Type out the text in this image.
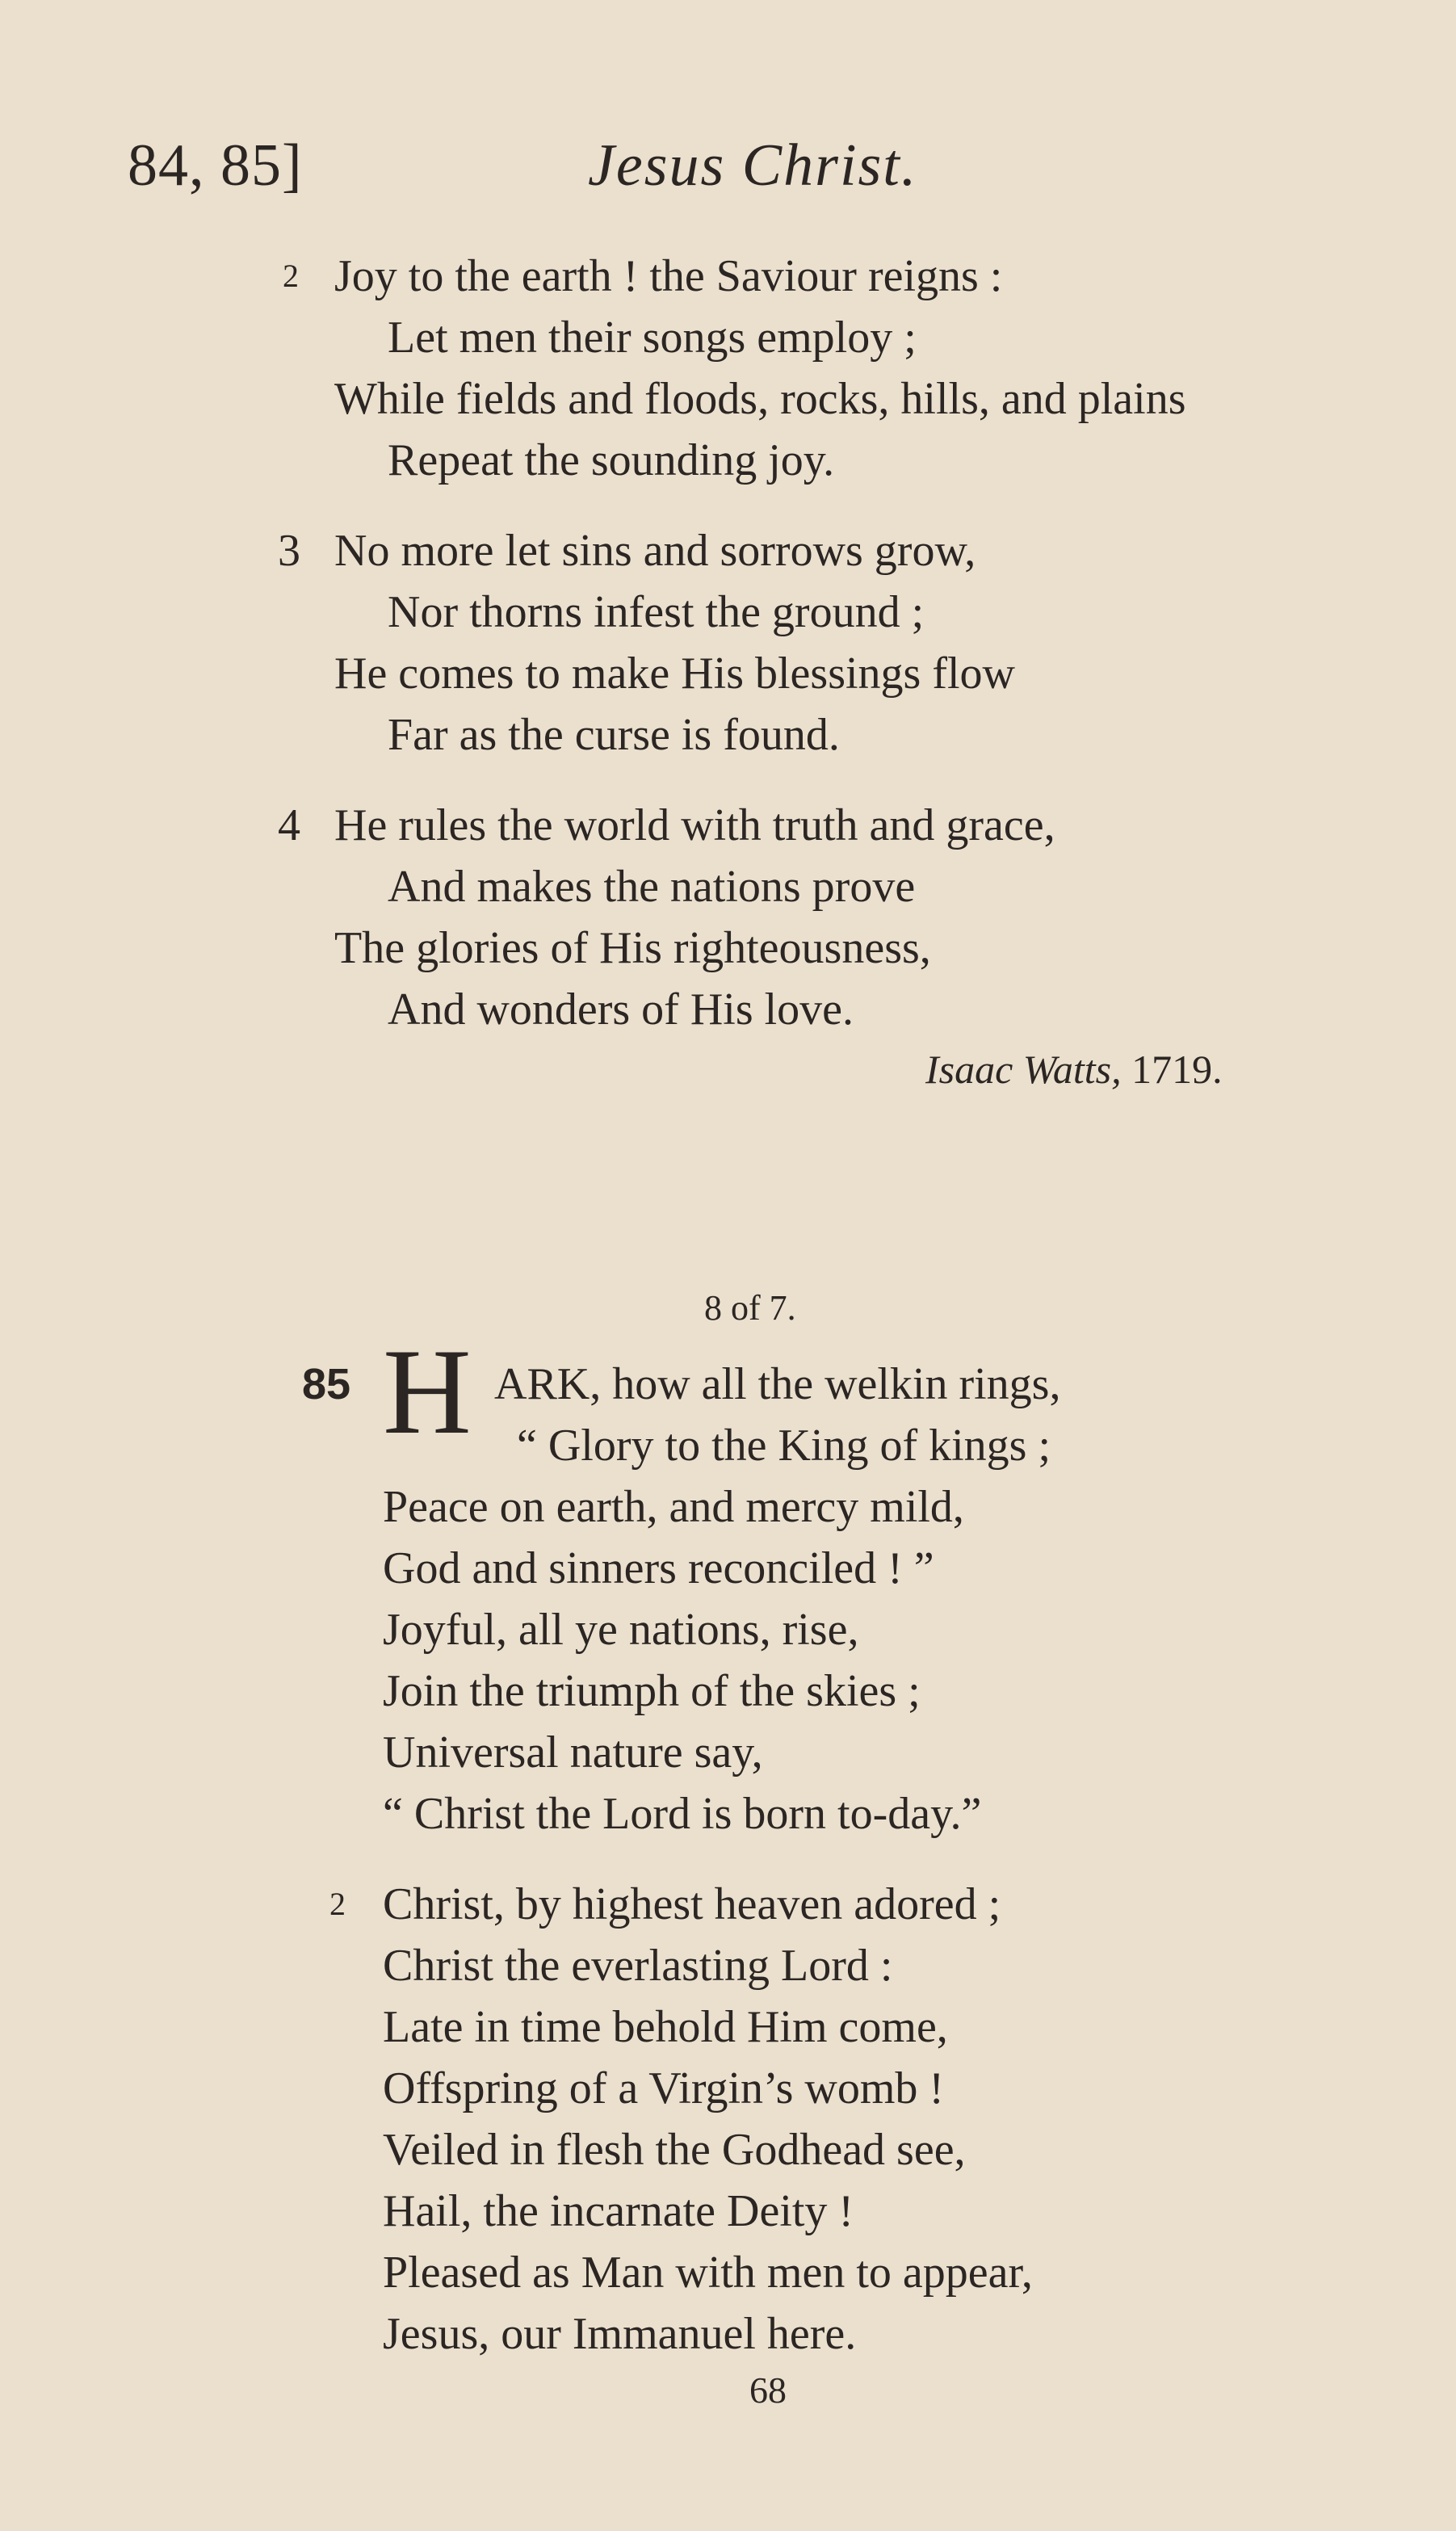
84, 85]	Jesus Christ.
2 Joy to the earth ! the Saviour reigns :
Let men their songs employ ;
While fields and floods, rocks, hills, and plains
Repeat the sounding joy.
3 No more let sins and sorrows grow,
Nor thorns infest the ground ;
He comes to make His blessings flow
Far as the curse is found.
4 He rules the world with truth and grace,
And makes the nations prove
The glories of His righteousness,
And wonders of His love.
Isaac Watts, 1719.
8 of 7.
85 H ARK, how all the welkin rings,
“ Glory to the King of kings ;
Peace on earth, and mercy mild,
God and sinners reconciled ! ”
Joyful, all ye nations, rise,
Join the triumph of the skies ;
Universal nature say,
“ Christ the Lord is born to-day.”
2 Christ, by highest heaven adored ;
Christ the everlasting Lord :
Late in time behold Him come,
Offspring of a Virgin’s womb !
Veiled in flesh the Godhead see,
Hail, the incarnate Deity !
Pleased as Man with men to appear,
Jesus, our Immanuel here.
68
